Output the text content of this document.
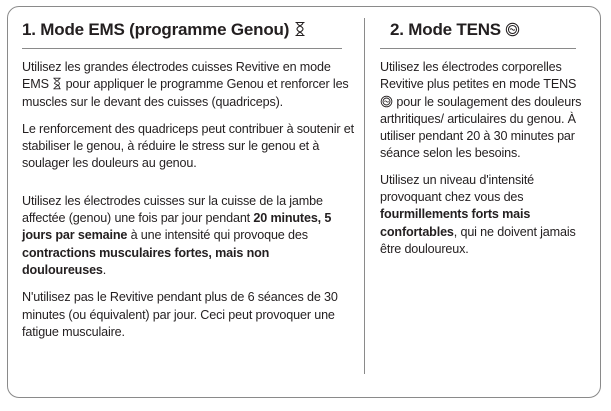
1. Mode EMS (programme Genou)

Utilisez les grandes électrodes cuisses Revitive en mode EMS pour appliquer le programme Genou et renforcer les muscles sur le devant des cuisses (quadriceps).

Le renforcement des quadriceps peut contribuer à soutenir et stabiliser le genou, à réduire le stress sur le genou et à soulager les douleurs au genou.

Utilisez les électrodes cuisses sur la cuisse de la jambe affectée (genou) une fois par jour pendant 20 minutes, 5 jours par semaine à une intensité qui provoque des contractions musculaires fortes, mais non douloureuses.

N'utilisez pas le Revitive pendant plus de 6 séances de 30 minutes (ou équivalent) par jour. Ceci peut provoquer une fatigue musculaire.

2. Mode TENS

Utilisez les électrodes corporelles Revitive plus petites en mode TENS
pour le soulagement des douleurs arthritiques/ articulaires du genou. À utiliser pendant 20 à 30 minutes par séance selon les besoins.

Utilisez un niveau d'intensité provoquant chez vous des fourmillements forts mais confortables, qui ne doivent jamais être douloureux.
